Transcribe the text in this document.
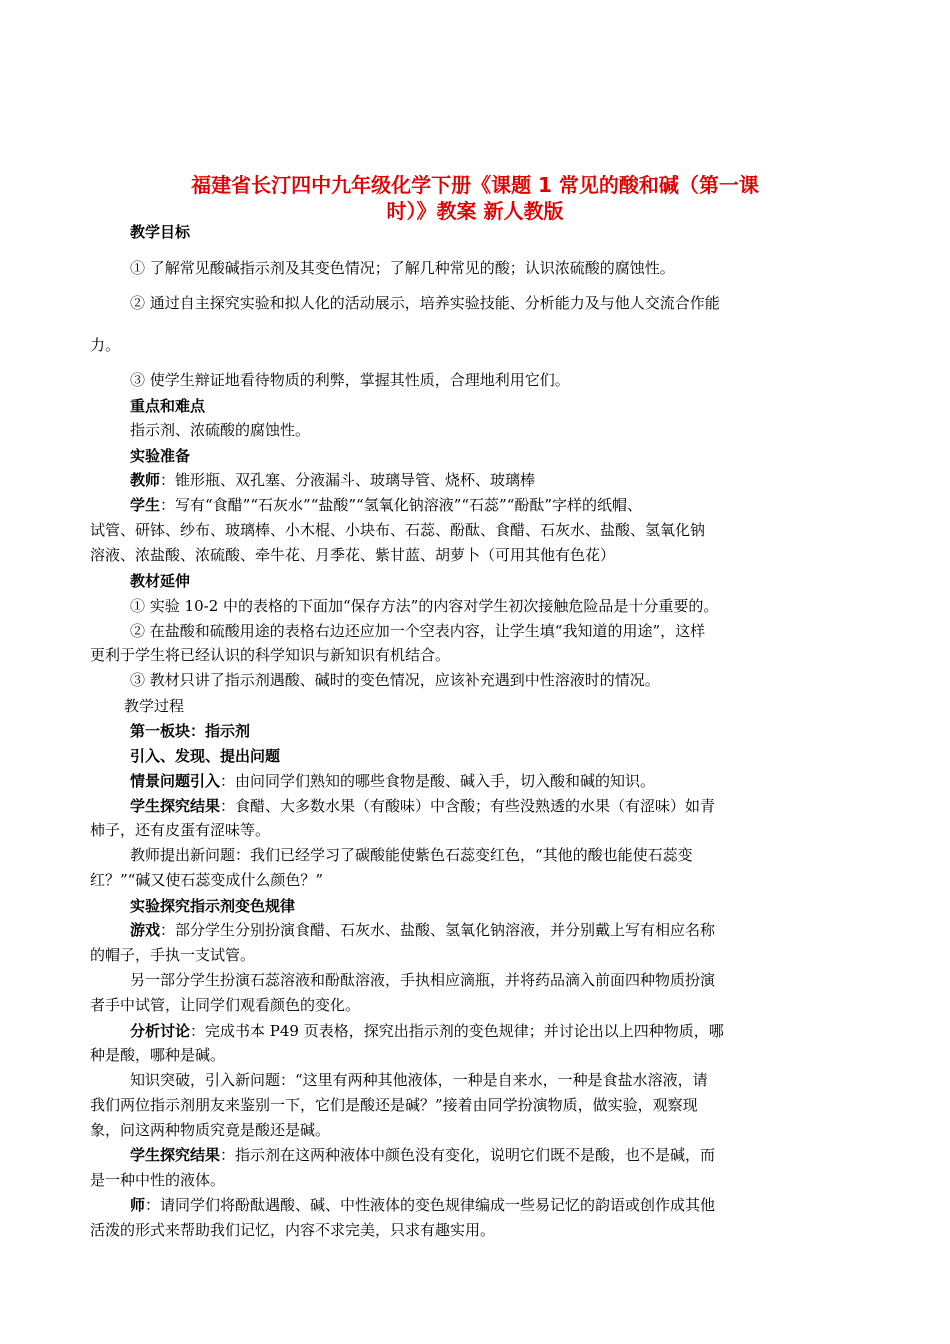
福建省长汀四中九年级化学下册《课题 1 常见的酸和碱（第一课
时）》教案 新人教版
教学目标
① 了解常见酸碱指示剂及其变色情况；了解几种常见的酸；认识浓硫酸的腐蚀性。
② 通过自主探究实验和拟人化的活动展示，培养实验技能、分析能力及与他人交流合作能
力。
③ 使学生辩证地看待物质的利弊，掌握其性质，合理地利用它们。
重点和难点
指示剂、浓硫酸的腐蚀性。
实验准备
教师：锥形瓶、双孔塞、分液漏斗、玻璃导管、烧杯、玻璃棒
学生：写有“食醋”“石灰水”“盐酸”“氢氧化钠溶液”“石蕊”“酚酞”字样的纸帽、
试管、研钵、纱布、玻璃棒、小木棍、小块布、石蕊、酚酞、食醋、石灰水、盐酸、氢氧化钠
溶液、浓盐酸、浓硫酸、牵牛花、月季花、紫甘蓝、胡萝卜（可用其他有色花）
教材延伸
① 实验 10-2 中的表格的下面加“保存方法”的内容对学生初次接触危险品是十分重要的。
② 在盐酸和硫酸用途的表格右边还应加一个空表内容，让学生填“我知道的用途”，这样
更利于学生将已经认识的科学知识与新知识有机结合。
③ 教材只讲了指示剂遇酸、碱时的变色情况，应该补充遇到中性溶液时的情况。
教学过程
第一板块：指示剂
引入、发现、提出问题
情景问题引入：由问同学们熟知的哪些食物是酸、碱入手，切入酸和碱的知识。
学生探究结果：食醋、大多数水果（有酸味）中含酸；有些没熟透的水果（有涩味）如青
柿子，还有皮蛋有涩味等。
教师提出新问题：我们已经学习了碳酸能使紫色石蕊变红色，“其他的酸也能使石蕊变
红？”“碱又使石蕊变成什么颜色？”
实验探究指示剂变色规律
游戏：部分学生分别扮演食醋、石灰水、盐酸、氢氧化钠溶液，并分别戴上写有相应名称
的帽子，手执一支试管。
另一部分学生扮演石蕊溶液和酚酞溶液，手执相应滴瓶，并将药品滴入前面四种物质扮演
者手中试管，让同学们观看颜色的变化。
分析讨论：完成书本 P49 页表格，探究出指示剂的变色规律；并讨论出以上四种物质，哪
种是酸，哪种是碱。
知识突破，引入新问题：“这里有两种其他液体，一种是自来水，一种是食盐水溶液，请
我们两位指示剂朋友来鉴别一下，它们是酸还是碱？”接着由同学扮演物质，做实验，观察现
象，问这两种物质究竟是酸还是碱。
学生探究结果：指示剂在这两种液体中颜色没有变化，说明它们既不是酸，也不是碱，而
是一种中性的液体。
师：请同学们将酚酞遇酸、碱、中性液体的变色规律编成一些易记忆的韵语或创作成其他
活泼的形式来帮助我们记忆，内容不求完美，只求有趣实用。
